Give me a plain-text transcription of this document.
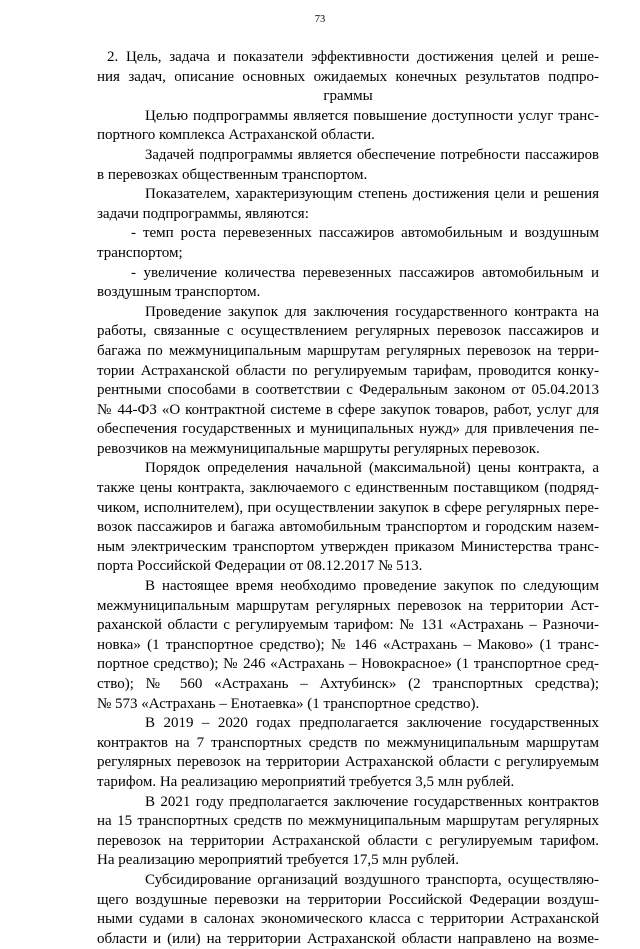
73
2. Цель, задача и показатели эффективности достижения целей и реше-
ния задач, описание основных ожидаемых конечных результатов подпро-
граммы
Целью подпрограммы является повышение доступности услуг транс-
портного комплекса Астраханской области.
Задачей подпрограммы является обеспечение потребности пассажиров
в перевозках общественным транспортом.
Показателем, характеризующим степень достижения цели и решения
задачи подпрограммы, являются:
- темп роста перевезенных пассажиров автомобильным и воздушным
транспортом;
- увеличение количества перевезенных пассажиров автомобильным и
воздушным транспортом.
Проведение закупок для заключения государственного контракта на
работы, связанные с осуществлением регулярных перевозок пассажиров и
багажа по межмуниципальным маршрутам регулярных перевозок на терри-
тории Астраханской области по регулируемым тарифам, проводится конку-
рентными способами в соответствии с Федеральным законом от 05.04.2013
№ 44-ФЗ «О контрактной системе в сфере закупок товаров, работ, услуг для
обеспечения государственных и муниципальных нужд» для привлечения пе-
ревозчиков на межмуниципальные маршруты регулярных перевозок.
Порядок определения начальной (максимальной) цены контракта, а
также цены контракта, заключаемого с единственным поставщиком (подряд-
чиком, исполнителем), при осуществлении закупок в сфере регулярных пере-
возок пассажиров и багажа автомобильным транспортом и городским назем-
ным электрическим транспортом утвержден приказом Министерства транс-
порта Российской Федерации от 08.12.2017 № 513.
В настоящее время необходимо проведение закупок по следующим
межмуниципальным маршрутам регулярных перевозок на территории Аст-
раханской области с регулируемым тарифом: № 131 «Астрахань – Разночи-
новка» (1 транспортное средство); № 146 «Астрахань – Маково» (1 транс-
портное средство); № 246 «Астрахань – Новокрасное» (1 транспортное сред-
ство); № 560 «Астрахань – Ахтубинск» (2 транспортных средства);
№ 573 «Астрахань – Енотаевка» (1 транспортное средство).
В 2019 – 2020 годах предполагается заключение государственных
контрактов на 7 транспортных средств по межмуниципальным маршрутам
регулярных перевозок на территории Астраханской области с регулируемым
тарифом. На реализацию мероприятий требуется 3,5 млн рублей.
В 2021 году предполагается заключение государственных контрактов
на 15 транспортных средств по межмуниципальным маршрутам регулярных
перевозок на территории Астраханской области с регулируемым тарифом.
На реализацию мероприятий требуется 17,5 млн рублей.
Субсидирование организаций воздушного транспорта, осуществляю-
щего воздушные перевозки на территории Российской Федерации воздуш-
ными судами в салонах экономического класса с территории Астраханской
области и (или) на территории Астраханской области направлено на возме-
